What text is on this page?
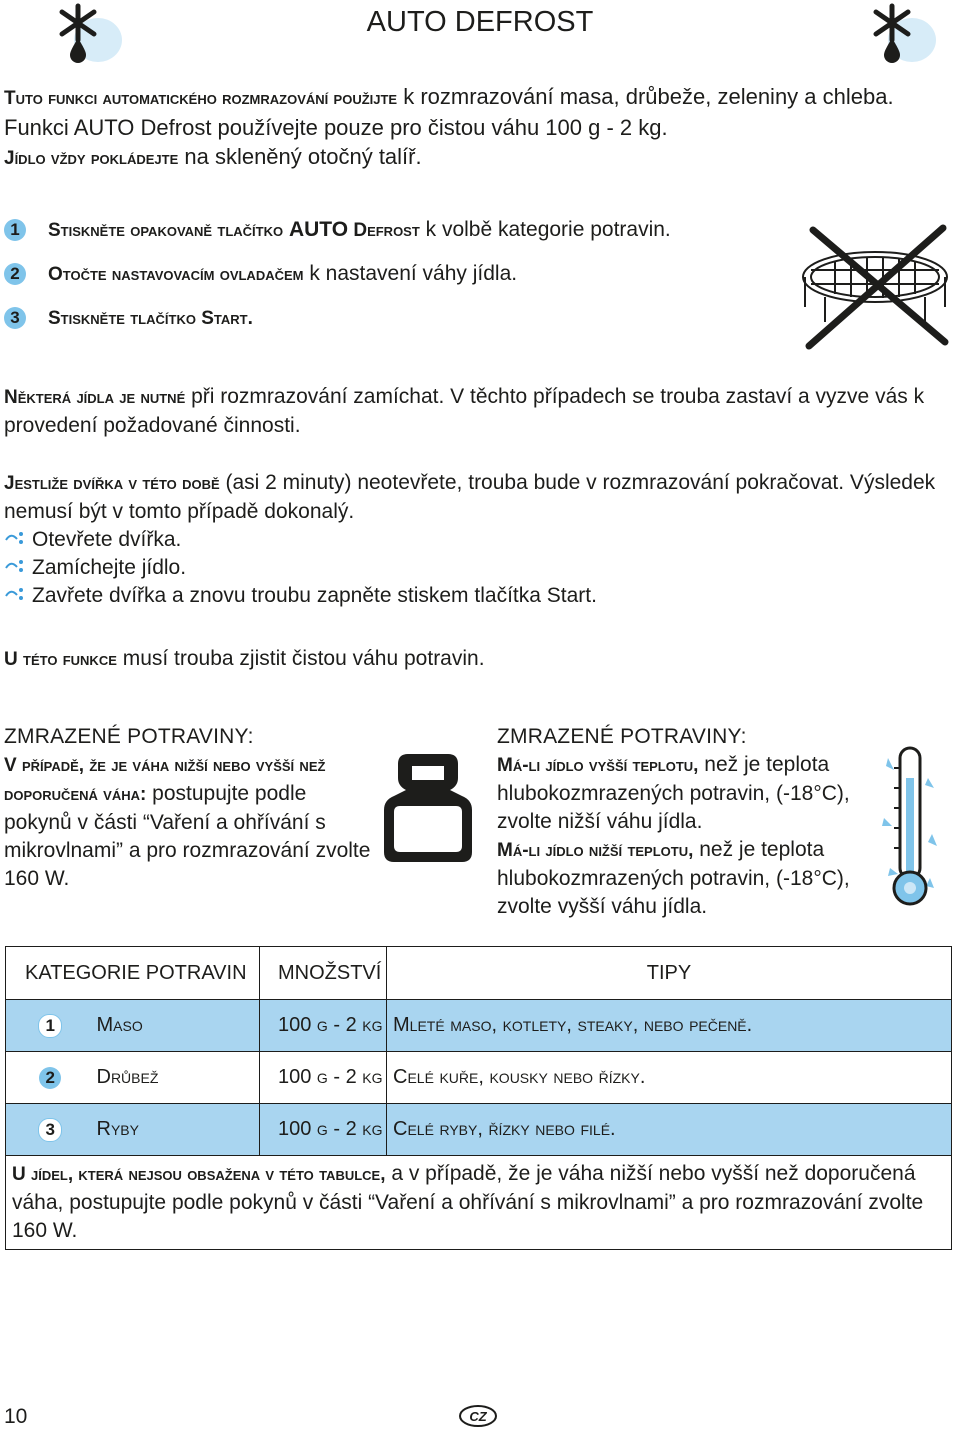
AUTO DEFROST
Tuto funkci automatického rozmrazování použijte k rozmrazování masa, drůbeže, zeleniny a chleba.
Funkci AUTO Defrost používejte pouze pro čistou váhu 100 g - 2 kg.
Jídlo vždy pokládejte na skleněný otočný talíř.
1 Stiskněte opakovaně tlačítko AUTO Defrost k volbě kategorie potravin.
2 Otočte nastavovacím ovladačem k nastavení váhy jídla.
3 Stiskněte tlačítko Start.
Některá jídla je nutné při rozmrazování zamíchat. V těchto případech se trouba zastaví a vyzve vás k provedení požadované činnosti.
Jestliže dvířka v této době (asi 2 minuty) neotevřete, trouba bude v rozmrazování pokračovat. Výsledek nemusí být v tomto případě dokonalý.
Otevřete dvířka.
Zamíchejte jídlo.
Zavřete dvířka a znovu troubu zapněte stiskem tlačítka Start.
U této funkce musí trouba zjistit čistou váhu potravin.
ZMRAZENÉ POTRAVINY:
V případě, že je váha nižší nebo vyšší než doporučená váha: postupujte podle pokynů v části “Vaření a ohřívání s mikrovlnami” a pro rozmrazování zvolte 160 W.
ZMRAZENÉ POTRAVINY:
Má-li jídlo vyšší teplotu, než je teplota hlubokozmrazených potravin, (-18°C), zvolte nižší váhu jídla.
Má-li jídlo nižší teplotu, než je teplota hlubokozmrazených potravin, (-18°C), zvolte vyšší váhu jídla.
KATEGORIE POTRAVIN		MNOŽSTVÍ	TIPY
1	Maso	100 g - 2 kg	Mleté maso, kotlety, steaky, nebo pečeně.
2	Drůbež	100 g - 2 kg	Celé kuře, kousky nebo řízky.
3	Ryby	100 g - 2 kg	Celé ryby, řízky nebo filé.
U jídel, která nejsou obsažena v této tabulce, a v případě, že je váha nižší nebo vyšší než doporučená váha, postupujte podle pokynů v části “Vaření a ohřívání s mikrovlnami” a pro rozmrazování zvolte 160 W.			
10	CZ
